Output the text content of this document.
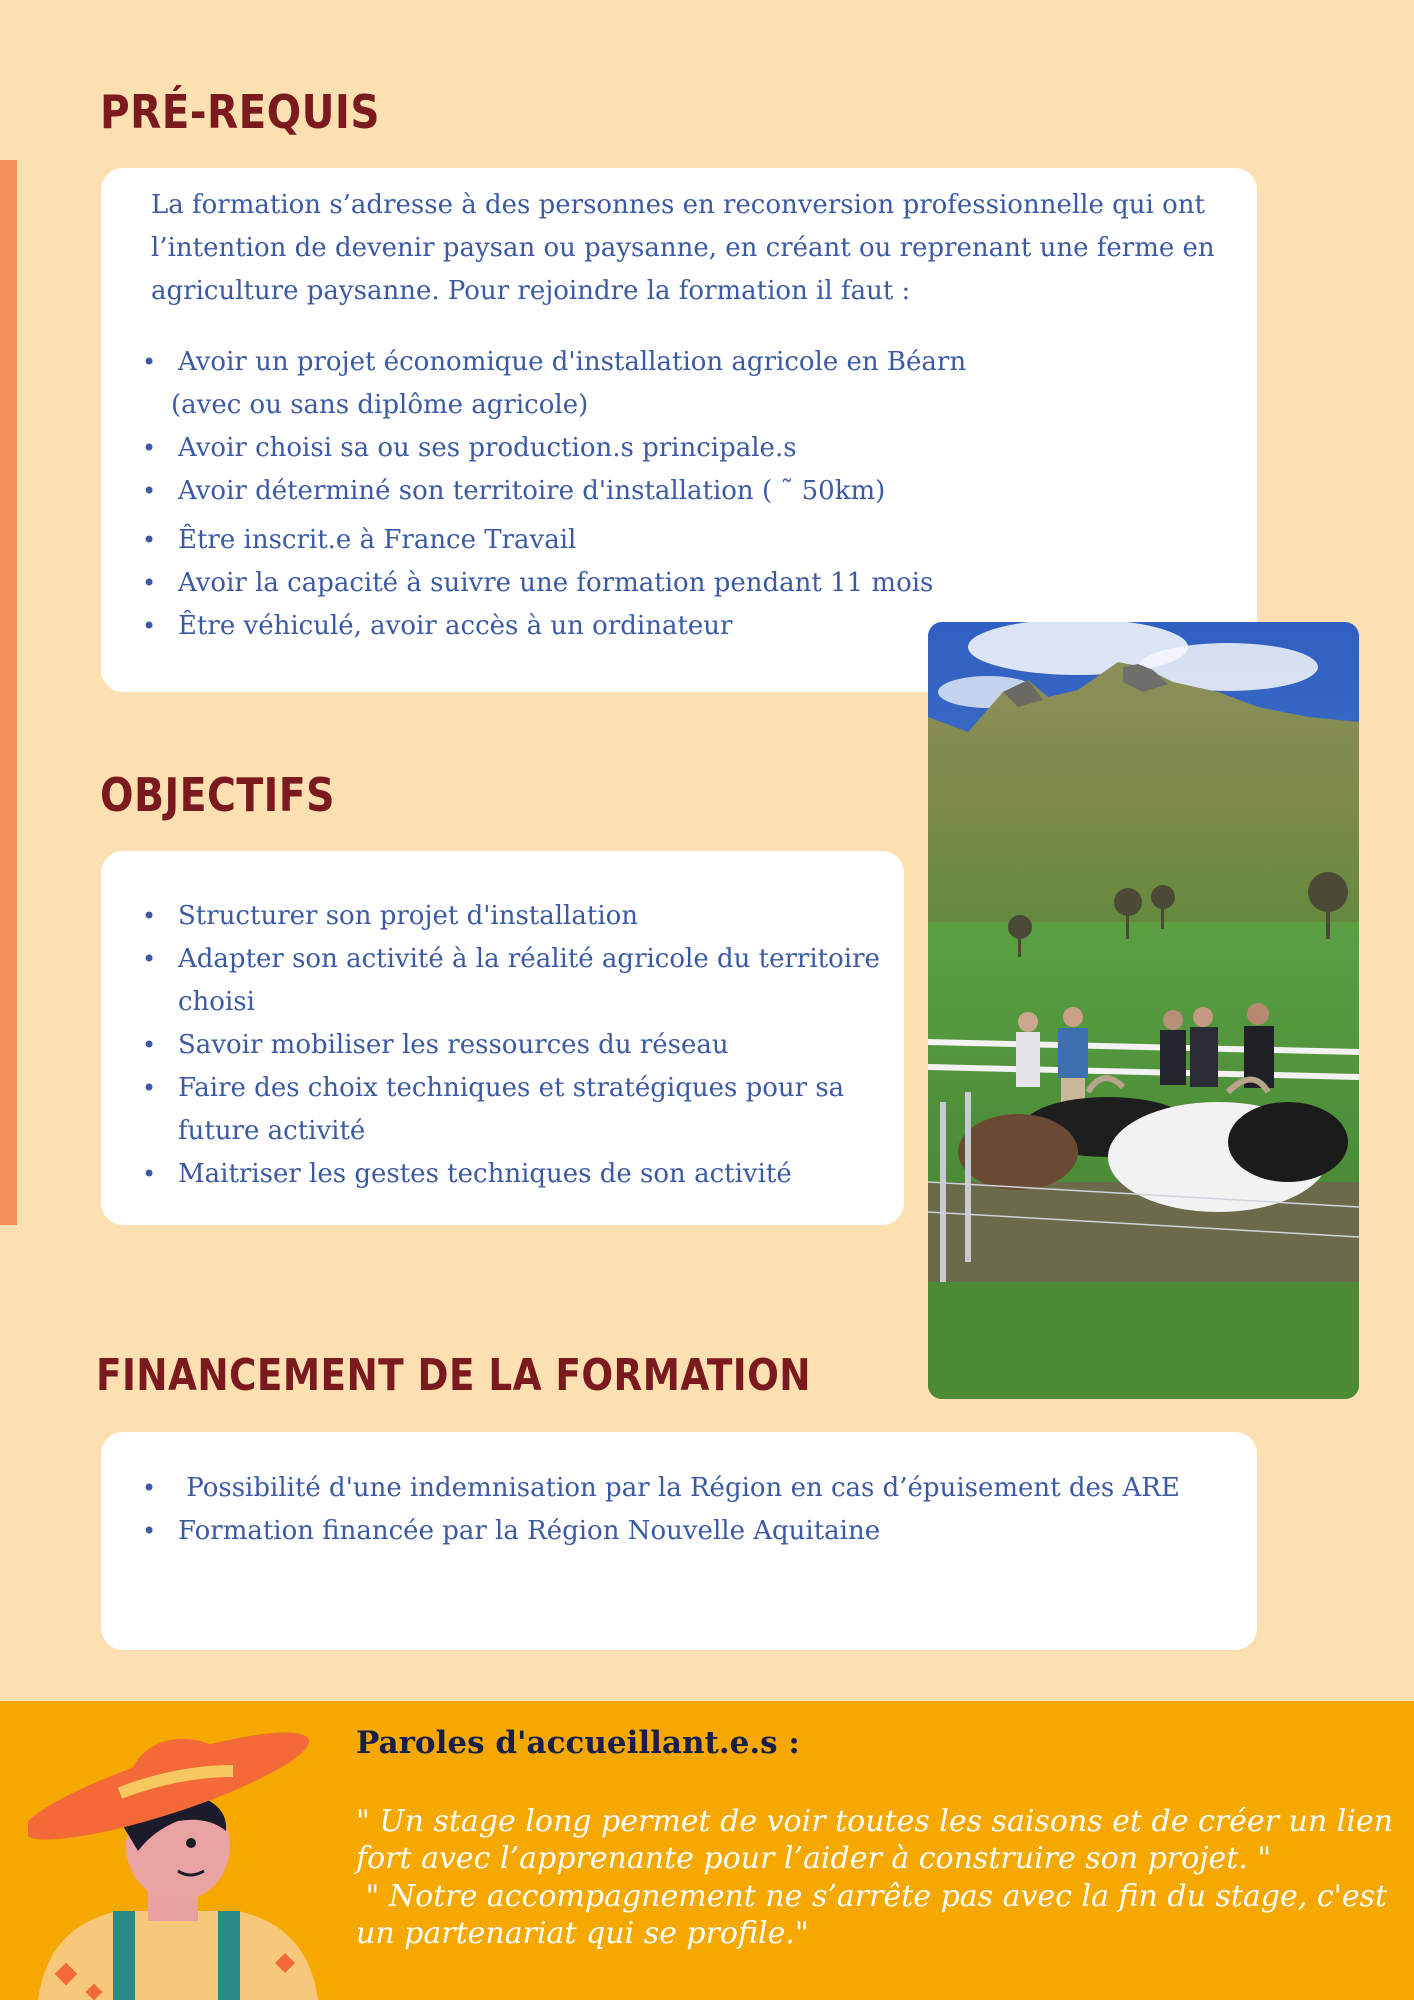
PRÉ-REQUIS

La formation s’adresse à des personnes en reconversion professionnelle qui ont l’intention de devenir paysan ou paysanne, en créant ou reprenant une ferme en agriculture paysanne. Pour rejoindre la formation il faut :

• Avoir un projet économique d'installation agricole en Béarn
(avec ou sans diplôme agricole)
• Avoir choisi sa ou ses production.s principale.s
• Avoir déterminé son territoire d'installation ( ˜ 50km)
• Être inscrit.e à France Travail
• Avoir la capacité à suivre une formation pendant 11 mois
• Être véhiculé, avoir accès à un ordinateur
OBJECTIFS
• Structurer son projet d'installation
• Adapter son activité à la réalité agricole du territoire choisi
• Savoir mobiliser les ressources du réseau
• Faire des choix techniques et stratégiques pour sa future activité
• Maitriser les gestes techniques de son activité
FINANCEMENT DE LA FORMATION
• Possibilité d'une indemnisation par la Région en cas d’épuisement des ARE
• Formation financée par la Région Nouvelle Aquitaine
Paroles d'accueillant.e.s :

" Un stage long permet de voir toutes les saisons et de créer un lien fort avec l’apprenante pour l’aider à construire son projet. "

" Notre accompagnement ne s’arrête pas avec la fin du stage, c'est un partenariat qui se profile."
